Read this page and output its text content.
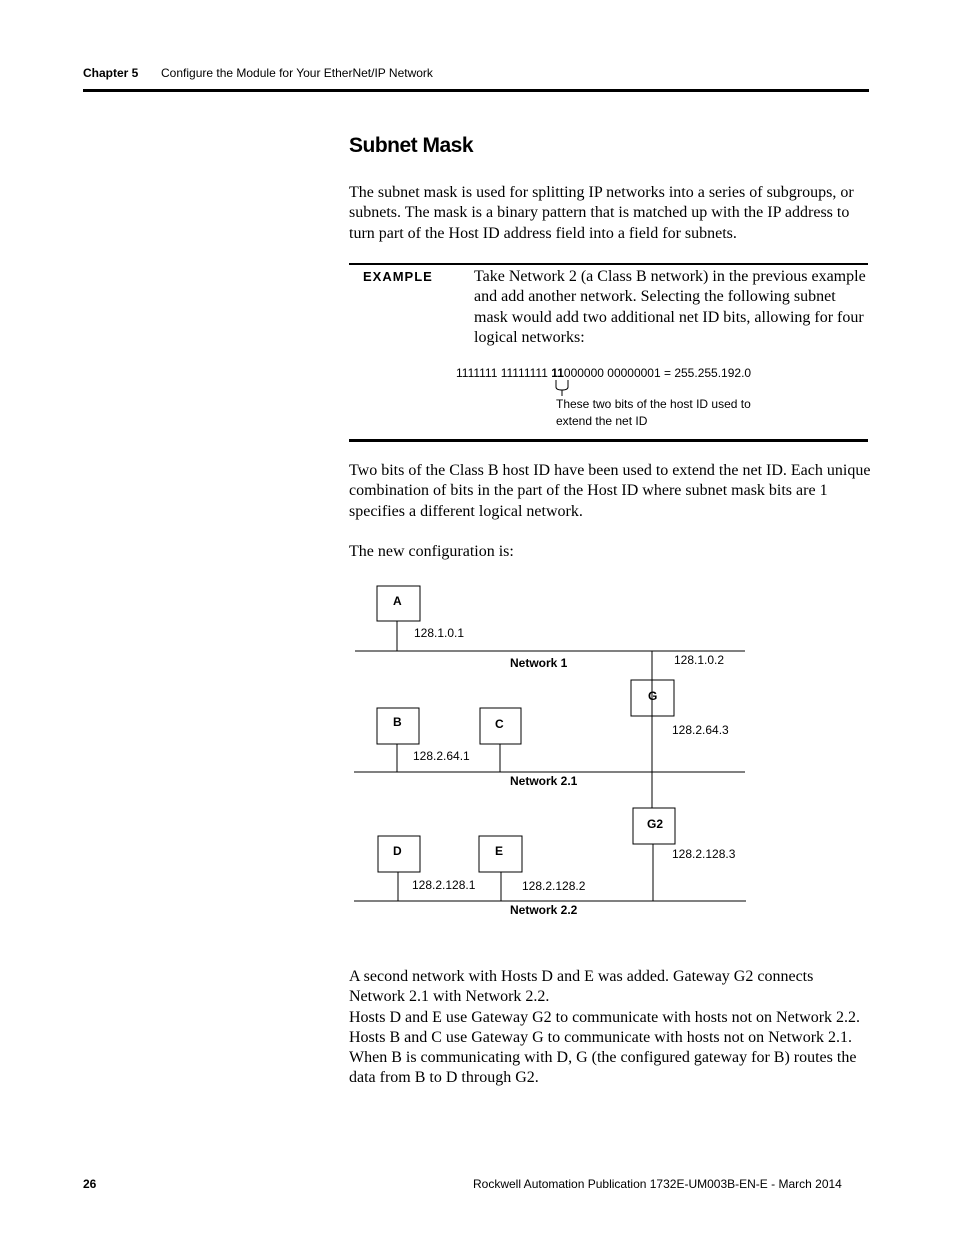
Chapter 5 Configure the Module for Your EtherNet/IP Network
Subnet Mask
The subnet mask is used for splitting IP networks into a series of subgroups, or subnets. The mask is a binary pattern that is matched up with the IP address to turn part of the Host ID address field into a field for subnets.
EXAMPLE	Take Network 2 (a Class B network) in the previous example and add another network. Selecting the following subnet mask would add two additional net ID bits, allowing for four logical networks:
1111111 11111111 11000000 00000001 = 255.255.192.0
These two bits of the host ID used to extend the net ID
Two bits of the Class B host ID have been used to extend the net ID. Each unique combination of bits in the part of the Host ID where subnet mask bits are 1 specifies a different logical network.
The new configuration is:
A
B	C
G
G2
D	E
Network 1
Network 2.1
Network 2.2
128.1.0.1
128.1.0.2
128.2.64.3
128.2.64.1
128.2.128.3
128.2.128.1	128.2.128.2
A second network with Hosts D and E was added. Gateway G2 connects Network 2.1 with Network 2.2.
Hosts D and E use Gateway G2 to communicate with hosts not on Network 2.2.
Hosts B and C use Gateway G to communicate with hosts not on Network 2.1.
When B is communicating with D, G (the configured gateway for B) routes the data from B to D through G2.
26	Rockwell Automation Publication 1732E-UM003B-EN-E - March 2014
